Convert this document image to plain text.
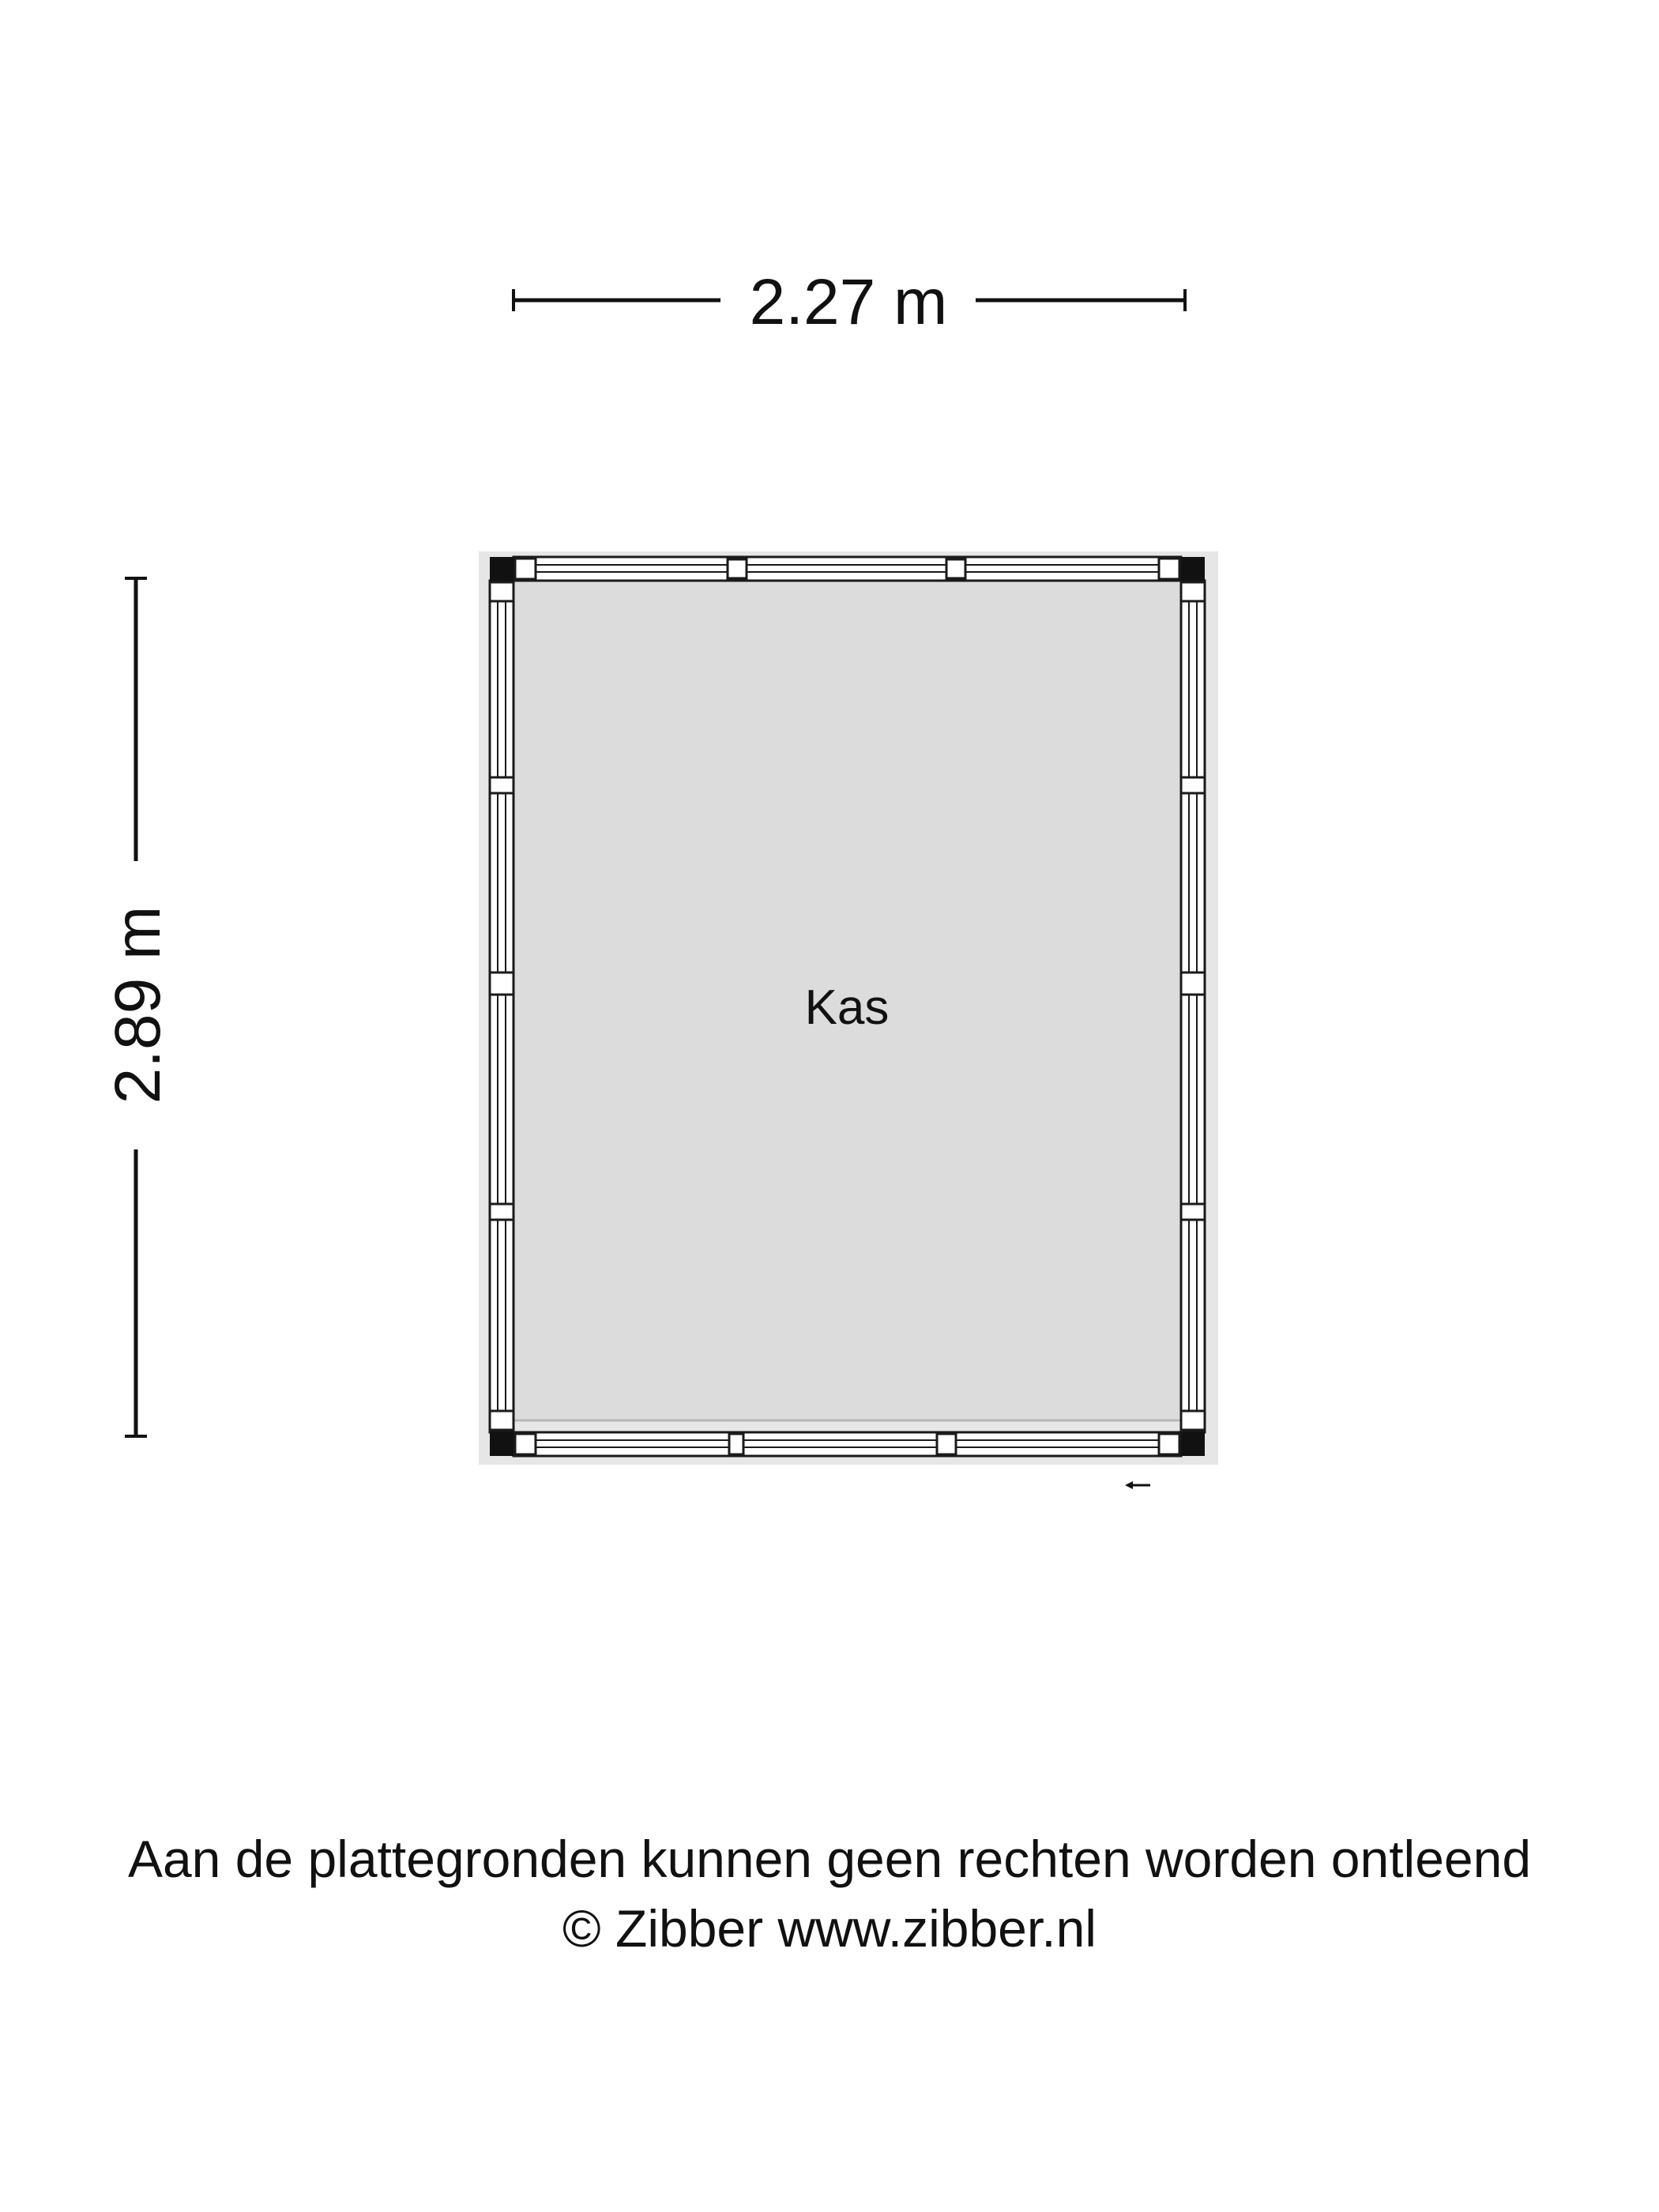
2.27 m
2.89 m	Kas
Aan de plattegronden kunnen geen rechten worden ontleend
© Zibber www.zibber.nl
